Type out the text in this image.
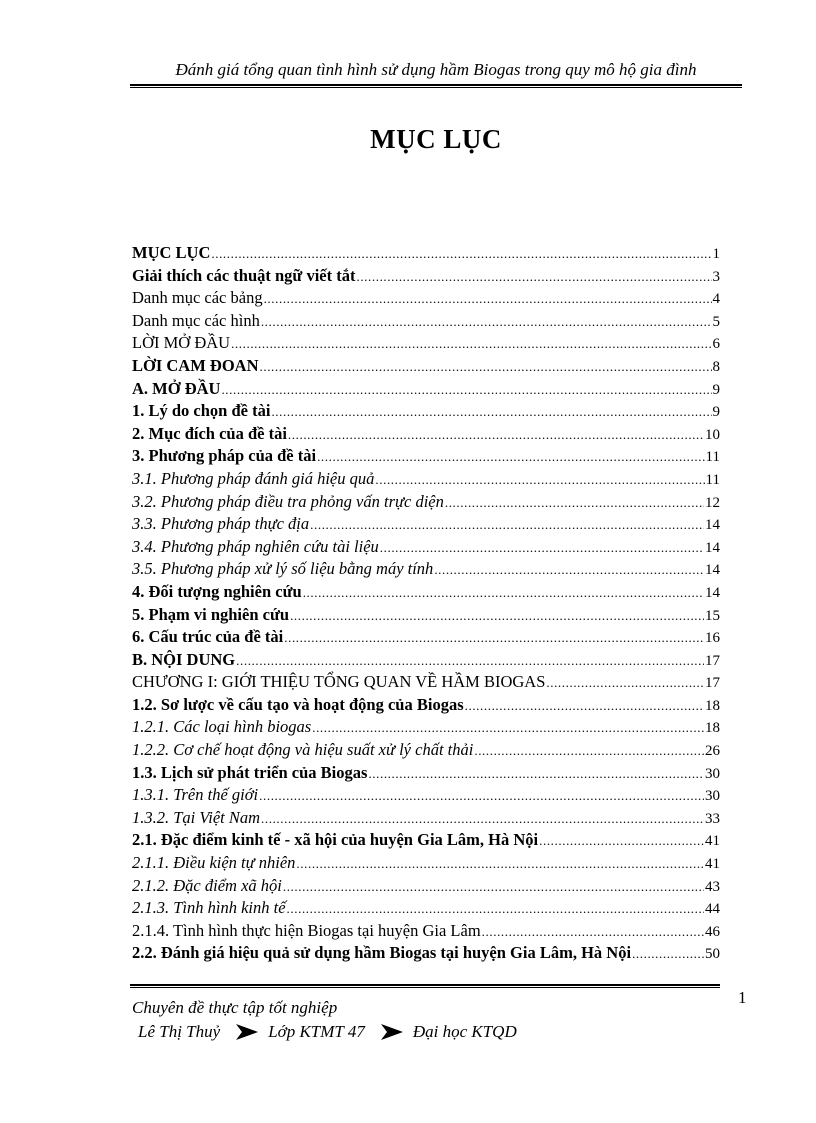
Đánh giá tổng quan tình hình sử dụng hầm Biogas trong quy mô hộ gia đình
MỤC LỤC
MỤC LỤC .....	1
Giải thích các thuật ngữ viết tắt .....	3
Danh mục các bảng .....	4
Danh mục các hình .....	5
LỜI MỞ ĐẦU .....	6
LỜI CAM ĐOAN .....	8
A. MỞ ĐẦU .....	9
1. Lý do chọn đề tài .....	9
2. Mục đích của đề tài .....	10
3. Phương pháp của đề tài .....	11
3.1. Phương pháp đánh giá hiệu quả .....	11
3.2. Phương pháp điều tra phỏng vấn trực diện .....	12
3.3. Phương pháp thực địa .....	14
3.4. Phương pháp nghiên cứu tài liệu .....	14
3.5. Phương pháp xử lý số liệu bằng máy tính .....	14
4. Đối tượng nghiên cứu .....	14
5. Phạm vi nghiên cứu .....	15
6. Cấu trúc của đề tài .....	16
B. NỘI DUNG .....	17
CHƯƠNG I: GIỚI THIỆU TỔNG QUAN VỀ HẦM BIOGAS .....	17
1.2. Sơ lược về cấu tạo và hoạt động của Biogas .....	18
1.2.1. Các loại hình biogas .....	18
1.2.2. Cơ chế hoạt động và hiệu suất xử lý chất thải .....	26
1.3. Lịch sử phát triển của Biogas .....	30
1.3.1. Trên thế giới .....	30
1.3.2. Tại Việt Nam .....	33
2.1. Đặc điểm kinh tế - xã hội của huyện Gia Lâm, Hà Nội .....	41
2.1.1. Điều kiện tự nhiên .....	41
2.1.2. Đặc điểm xã hội .....	43
2.1.3. Tình hình kinh tế .....	44
2.1.4. Tình hình thực hiện Biogas tại huyện Gia Lâm .....	46
2.2. Đánh giá hiệu quả sử dụng hầm Biogas tại huyện Gia Lâm, Hà Nội .....	50
1
Chuyên đề thực tập tốt nghiệp
Lê Thị Thuỷ	Lớp KTMT 47	Đại học KTQD
